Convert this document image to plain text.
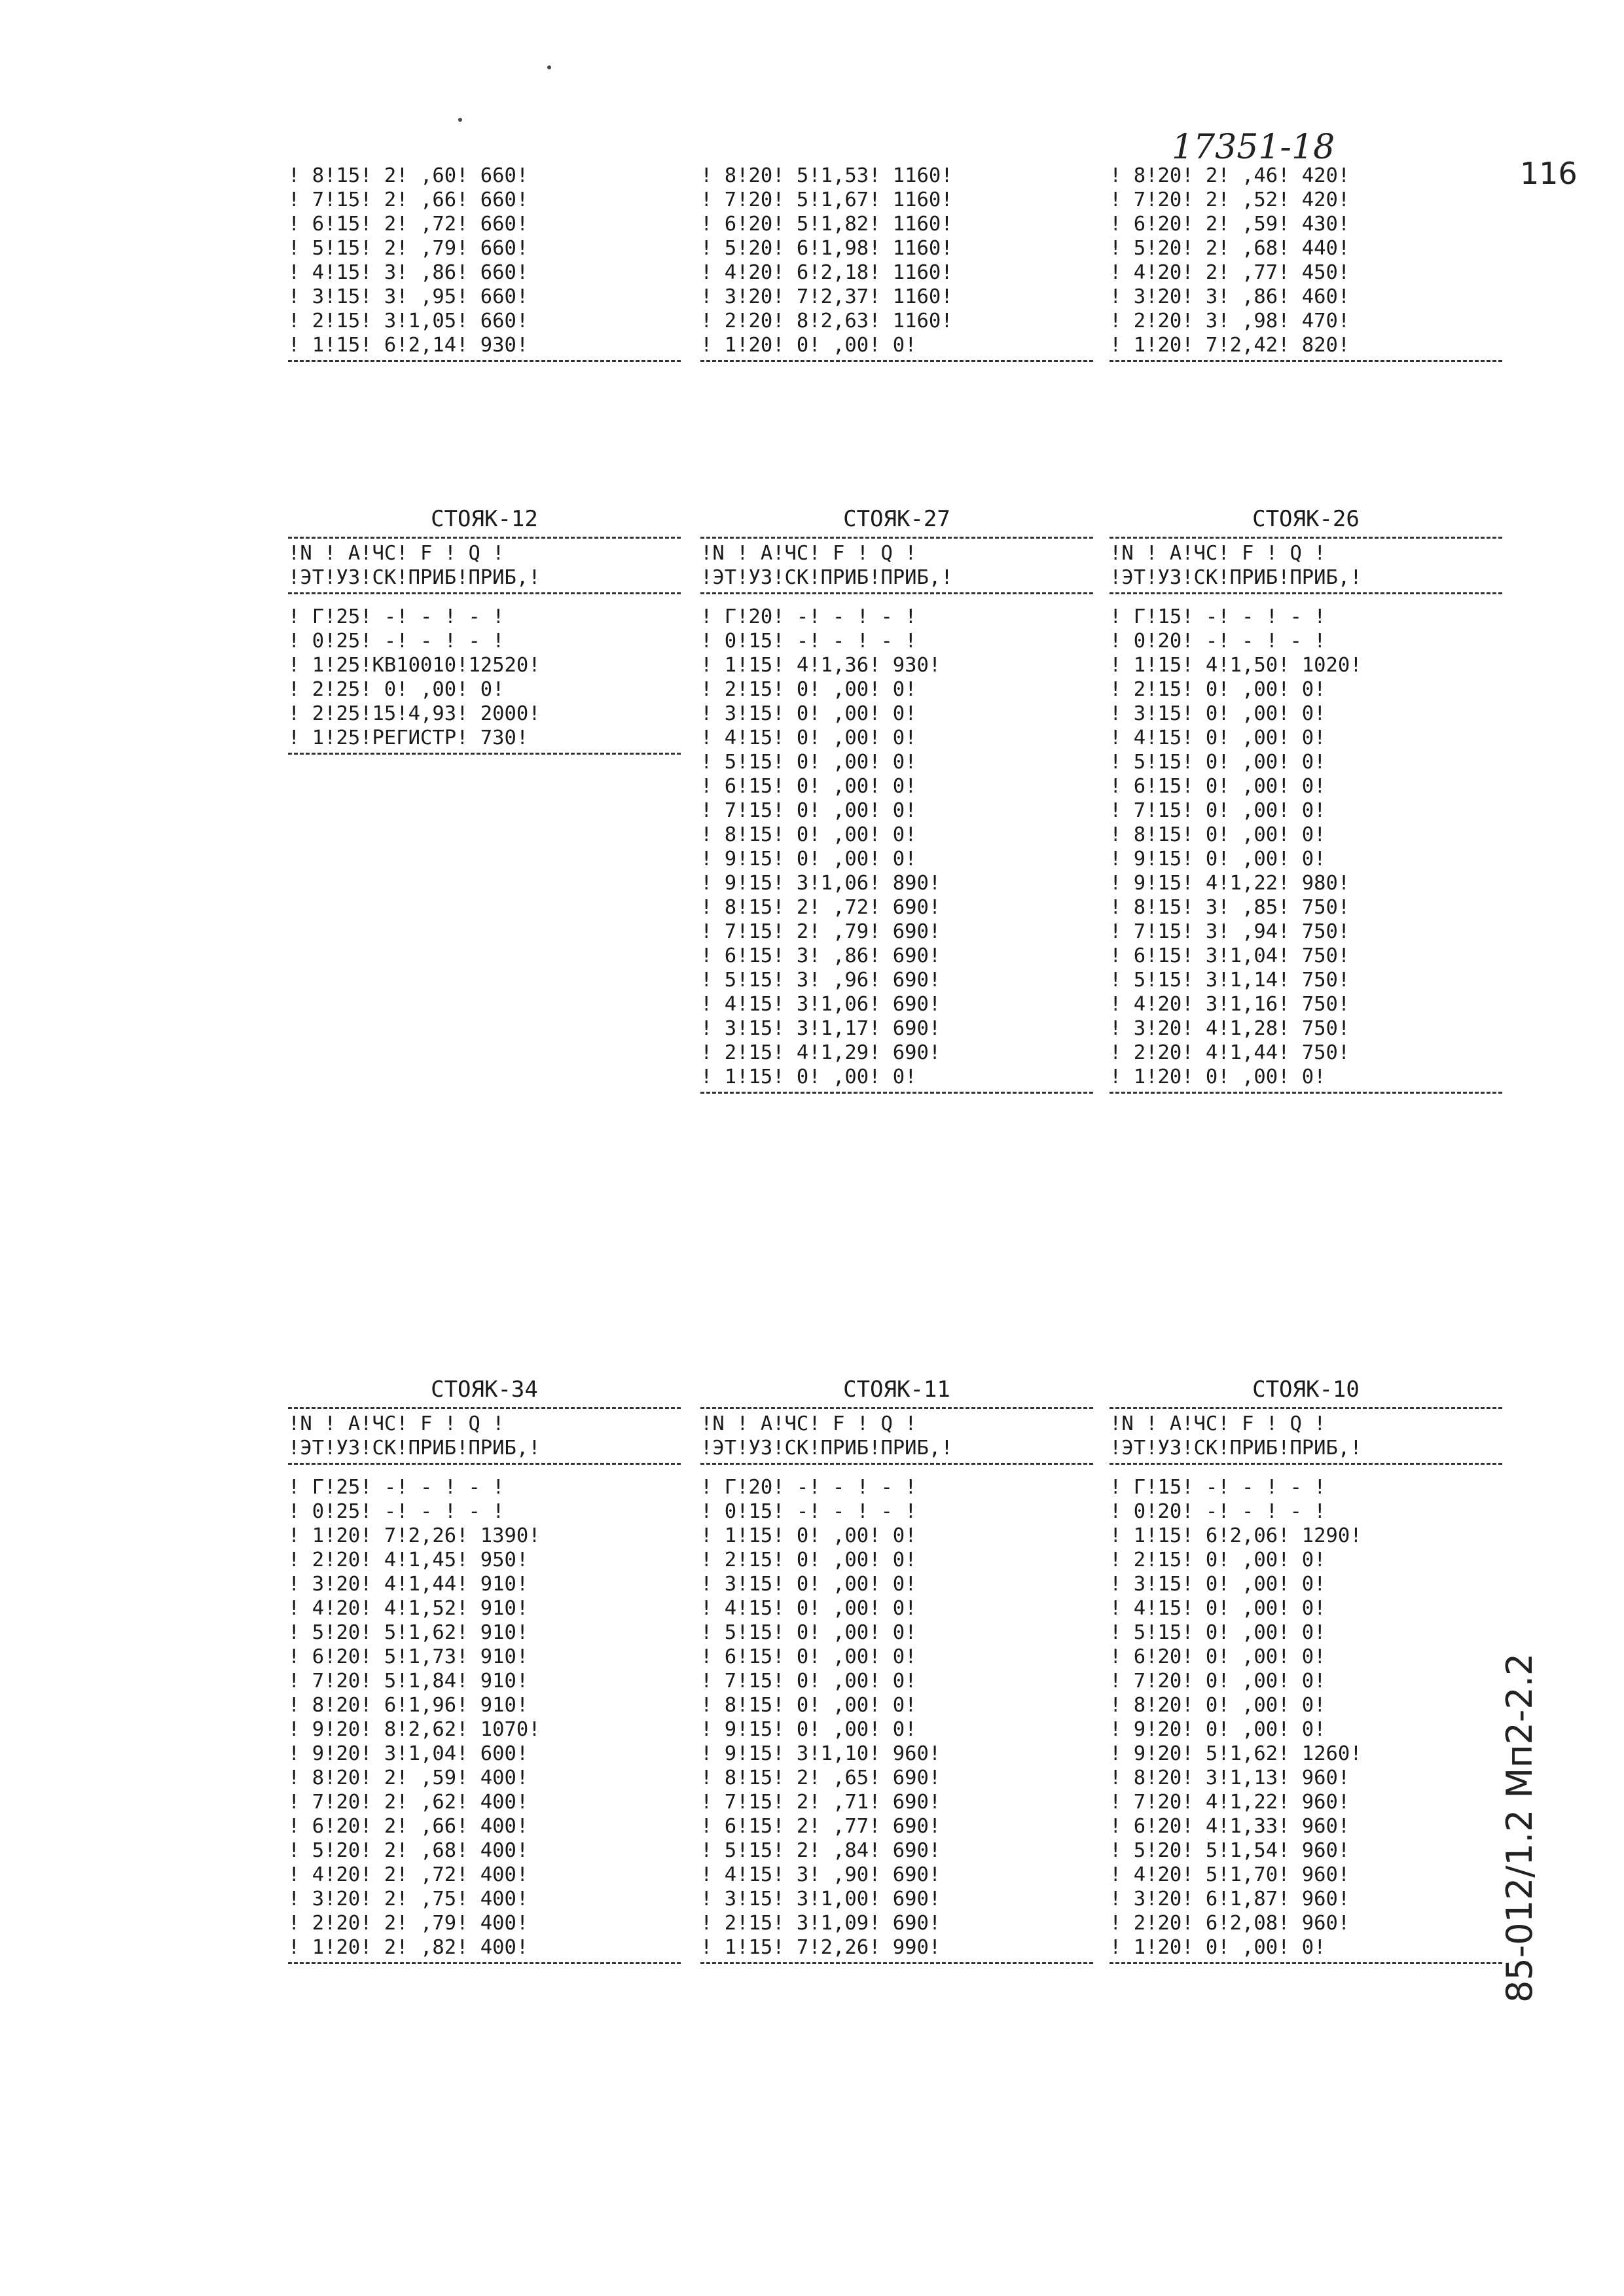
17351-18
116
85-012/1.2 Мп2-2.2
! 8!15! 2! ,60! 660!
! 7!15! 2! ,66! 660!
! 6!15! 2! ,72! 660!
! 5!15! 2! ,79! 660!
! 4!15! 3! ,86! 660!
! 3!15! 3! ,95! 660!
! 2!15! 3!1,05! 660!
! 1!15! 6!2,14! 930!
! 8!20! 5!1,53! 1160!
! 7!20! 5!1,67! 1160!
! 6!20! 5!1,82! 1160!
! 5!20! 6!1,98! 1160!
! 4!20! 6!2,18! 1160!
! 3!20! 7!2,37! 1160!
! 2!20! 8!2,63! 1160!
! 1!20! 0! ,00! 0!
! 8!20! 2! ,46! 420!
! 7!20! 2! ,52! 420!
! 6!20! 2! ,59! 430!
! 5!20! 2! ,68! 440!
! 4!20! 2! ,77! 450!
! 3!20! 3! ,86! 460!
! 2!20! 3! ,98! 470!
! 1!20! 7!2,42! 820!
СТОЯК-12
!N ! A!ЧС! F ! Q !
!ЭТ!УЗ!СК!ПРИБ!ПРИБ,!
! Г!25! -! - ! - !
! 0!25! -! - ! - !
! 1!25!КВ10010!12520!
! 2!25! 0! ,00! 0!
! 2!25!15!4,93! 2000!
! 1!25!РЕГИСТР! 730!
СТОЯК-27
!N ! A!ЧС! F ! Q !
!ЭТ!УЗ!СК!ПРИБ!ПРИБ,!
! Г!20! -! - ! - !
! 0!15! -! - ! - !
! 1!15! 4!1,36! 930!
! 2!15! 0! ,00! 0!
! 3!15! 0! ,00! 0!
! 4!15! 0! ,00! 0!
! 5!15! 0! ,00! 0!
! 6!15! 0! ,00! 0!
! 7!15! 0! ,00! 0!
! 8!15! 0! ,00! 0!
! 9!15! 0! ,00! 0!
! 9!15! 3!1,06! 890!
! 8!15! 2! ,72! 690!
! 7!15! 2! ,79! 690!
! 6!15! 3! ,86! 690!
! 5!15! 3! ,96! 690!
! 4!15! 3!1,06! 690!
! 3!15! 3!1,17! 690!
! 2!15! 4!1,29! 690!
! 1!15! 0! ,00! 0!
СТОЯК-26
!N ! A!ЧС! F ! Q !
!ЭТ!УЗ!СК!ПРИБ!ПРИБ,!
! Г!15! -! - ! - !
! 0!20! -! - ! - !
! 1!15! 4!1,50! 1020!
! 2!15! 0! ,00! 0!
! 3!15! 0! ,00! 0!
! 4!15! 0! ,00! 0!
! 5!15! 0! ,00! 0!
! 6!15! 0! ,00! 0!
! 7!15! 0! ,00! 0!
! 8!15! 0! ,00! 0!
! 9!15! 0! ,00! 0!
! 9!15! 4!1,22! 980!
! 8!15! 3! ,85! 750!
! 7!15! 3! ,94! 750!
! 6!15! 3!1,04! 750!
! 5!15! 3!1,14! 750!
! 4!20! 3!1,16! 750!
! 3!20! 4!1,28! 750!
! 2!20! 4!1,44! 750!
! 1!20! 0! ,00! 0!
СТОЯК-34
!N ! A!ЧС! F ! Q !
!ЭТ!УЗ!СК!ПРИБ!ПРИБ,!
! Г!25! -! - ! - !
! 0!25! -! - ! - !
! 1!20! 7!2,26! 1390!
! 2!20! 4!1,45! 950!
! 3!20! 4!1,44! 910!
! 4!20! 4!1,52! 910!
! 5!20! 5!1,62! 910!
! 6!20! 5!1,73! 910!
! 7!20! 5!1,84! 910!
! 8!20! 6!1,96! 910!
! 9!20! 8!2,62! 1070!
! 9!20! 3!1,04! 600!
! 8!20! 2! ,59! 400!
! 7!20! 2! ,62! 400!
! 6!20! 2! ,66! 400!
! 5!20! 2! ,68! 400!
! 4!20! 2! ,72! 400!
! 3!20! 2! ,75! 400!
! 2!20! 2! ,79! 400!
! 1!20! 2! ,82! 400!
СТОЯК-11
!N ! A!ЧС! F ! Q !
!ЭТ!УЗ!СК!ПРИБ!ПРИБ,!
! Г!20! -! - ! - !
! 0!15! -! - ! - !
! 1!15! 0! ,00! 0!
! 2!15! 0! ,00! 0!
! 3!15! 0! ,00! 0!
! 4!15! 0! ,00! 0!
! 5!15! 0! ,00! 0!
! 6!15! 0! ,00! 0!
! 7!15! 0! ,00! 0!
! 8!15! 0! ,00! 0!
! 9!15! 0! ,00! 0!
! 9!15! 3!1,10! 960!
! 8!15! 2! ,65! 690!
! 7!15! 2! ,71! 690!
! 6!15! 2! ,77! 690!
! 5!15! 2! ,84! 690!
! 4!15! 3! ,90! 690!
! 3!15! 3!1,00! 690!
! 2!15! 3!1,09! 690!
! 1!15! 7!2,26! 990!
СТОЯК-10
!N ! A!ЧС! F ! Q !
!ЭТ!УЗ!СК!ПРИБ!ПРИБ,!
! Г!15! -! - ! - !
! 0!20! -! - ! - !
! 1!15! 6!2,06! 1290!
! 2!15! 0! ,00! 0!
! 3!15! 0! ,00! 0!
! 4!15! 0! ,00! 0!
! 5!15! 0! ,00! 0!
! 6!20! 0! ,00! 0!
! 7!20! 0! ,00! 0!
! 8!20! 0! ,00! 0!
! 9!20! 0! ,00! 0!
! 9!20! 5!1,62! 1260!
! 8!20! 3!1,13! 960!
! 7!20! 4!1,22! 960!
! 6!20! 4!1,33! 960!
! 5!20! 5!1,54! 960!
! 4!20! 5!1,70! 960!
! 3!20! 6!1,87! 960!
! 2!20! 6!2,08! 960!
! 1!20! 0! ,00! 0!
